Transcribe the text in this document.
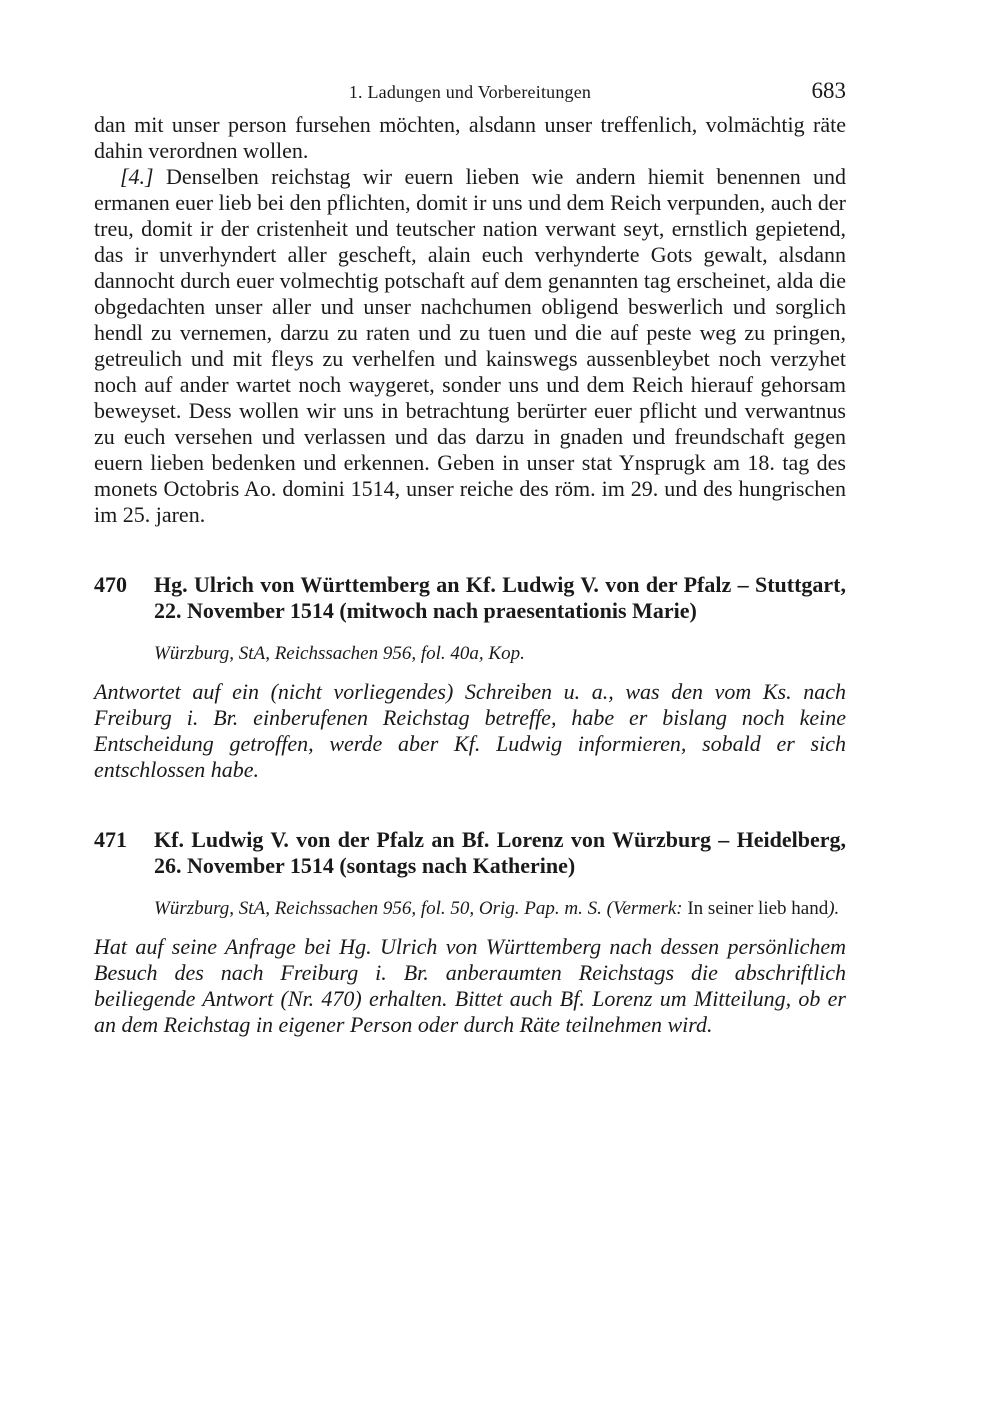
1. Ladungen und Vorbereitungen	683

dan mit unser person fursehen möchten, alsdann unser treffenlich, volmächtig räte dahin verordnen wollen.

[4.] Denselben reichstag wir euern lieben wie andern hiemit benennen und ermanen euer lieb bei den pflichten, domit ir uns und dem Reich verpunden, auch der treu, domit ir der cristenheit und teutscher nation verwant seyt, ernstlich gepietend, das ir unverhyndert aller gescheft, alain euch verhynderte Gots gewalt, alsdann dannocht durch euer volmechtig potschaft auf dem genannten tag erscheinet, alda die obgedachten unser aller und unser nachchumen obligend beswerlich und sorglich hendl zu vernemen, darzu zu raten und zu tuen und die auf peste weg zu pringen, getreulich und mit fleys zu verhelfen und kainswegs aussenbleybet noch verzyhet noch auf ander wartet noch waygeret, sonder uns und dem Reich hierauf gehorsam beweyset. Dess wollen wir uns in betrachtung berürter euer pflicht und verwantnus zu euch versehen und verlassen und das darzu in gnaden und freundschaft gegen euern lieben bedenken und erkennen. Geben in unser stat Ynsprugk am 18. tag des monets Octobris Ao. domini 1514, unser reiche des röm. im 29. und des hungrischen im 25. jaren.

470	Hg. Ulrich von Württemberg an Kf. Ludwig V. von der Pfalz – Stuttgart, 22. November 1514 (mitwoch nach praesentationis Marie)
Würzburg, StA, Reichssachen 956, fol. 40a, Kop.
Antwortet auf ein (nicht vorliegendes) Schreiben u. a., was den vom Ks. nach Freiburg i. Br. einberufenen Reichstag betreffe, habe er bislang noch keine Entscheidung getroffen, werde aber Kf. Ludwig informieren, sobald er sich entschlossen habe.
471	Kf. Ludwig V. von der Pfalz an Bf. Lorenz von Würzburg – Heidelberg, 26. November 1514 (sontags nach Katherine)
Würzburg, StA, Reichssachen 956, fol. 50, Orig. Pap. m. S. (Vermerk: In seiner lieb hand).
Hat auf seine Anfrage bei Hg. Ulrich von Württemberg nach dessen persönlichem Besuch des nach Freiburg i. Br. anberaumten Reichstags die abschriftlich beiliegende Antwort (Nr. 470) erhalten. Bittet auch Bf. Lorenz um Mitteilung, ob er an dem Reichstag in eigener Person oder durch Räte teilnehmen wird.
